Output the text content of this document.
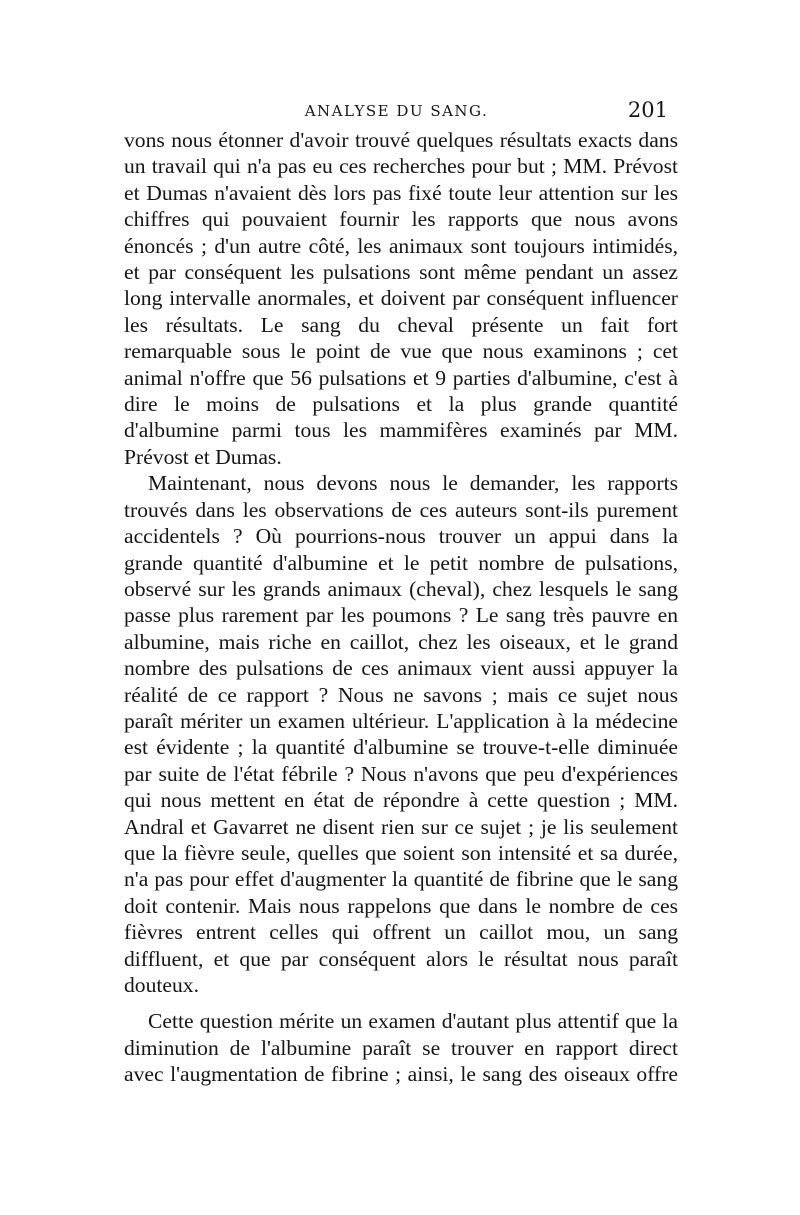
ANALYSE DU SANG.	201

vons nous étonner d'avoir trouvé quelques résultats exacts dans un travail qui n'a pas eu ces recherches pour but ; MM. Prévost et Dumas n'avaient dès lors pas fixé toute leur attention sur les chiffres qui pouvaient fournir les rapports que nous avons énoncés ; d'un autre côté, les animaux sont toujours intimidés, et par conséquent les pulsations sont même pendant un assez long intervalle anormales, et doivent par conséquent influencer les résultats. Le sang du cheval présente un fait fort remarquable sous le point de vue que nous examinons ; cet animal n'offre que 56 pulsations et 9 parties d'albumine, c'est à dire le moins de pulsations et la plus grande quantité d'albumine parmi tous les mammifères examinés par MM. Prévost et Dumas.

Maintenant, nous devons nous le demander, les rapports trouvés dans les observations de ces auteurs sont-ils purement accidentels ? Où pourrions-nous trouver un appui dans la grande quantité d'albumine et le petit nombre de pulsations, observé sur les grands animaux (cheval), chez lesquels le sang passe plus rarement par les poumons ? Le sang très pauvre en albumine, mais riche en caillot, chez les oiseaux, et le grand nombre des pulsations de ces animaux vient aussi appuyer la réalité de ce rapport ? Nous ne savons ; mais ce sujet nous paraît mériter un examen ultérieur. L'application à la médecine est évidente ; la quantité d'albumine se trouve-t-elle diminuée par suite de l'état fébrile ? Nous n'avons que peu d'expériences qui nous mettent en état de répondre à cette question ; MM. Andral et Gavarret ne disent rien sur ce sujet ; je lis seulement que la fièvre seule, quelles que soient son intensité et sa durée, n'a pas pour effet d'augmenter la quantité de fibrine que le sang doit contenir. Mais nous rappelons que dans le nombre de ces fièvres entrent celles qui offrent un caillot mou, un sang diffluent, et que par conséquent alors le résultat nous paraît douteux.

Cette question mérite un examen d'autant plus attentif que la diminution de l'albumine paraît se trouver en rapport direct avec l'augmentation de fibrine ; ainsi, le sang des oiseaux offre
